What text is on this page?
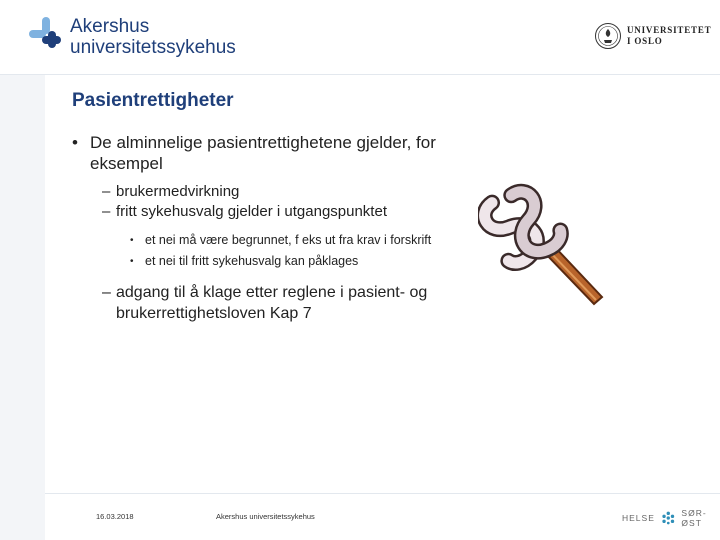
Akershus
universitetssykehus
UNIVERSITETET
I OSLO
Pasientrettigheter
• De alminnelige pasientrettighetene gjelder, for eksempel
– brukermedvirkning
– fritt sykehusvalg gjelder i utgangspunktet
• et nei må være begrunnet, f eks ut fra krav i forskrift
• et nei til fritt sykehusvalg kan påklages
– adgang til å klage etter reglene i pasient- og brukerrettighetsloven Kap 7
16.03.2018	Akershus universitetssykehus	HELSE	SØR-ØST
